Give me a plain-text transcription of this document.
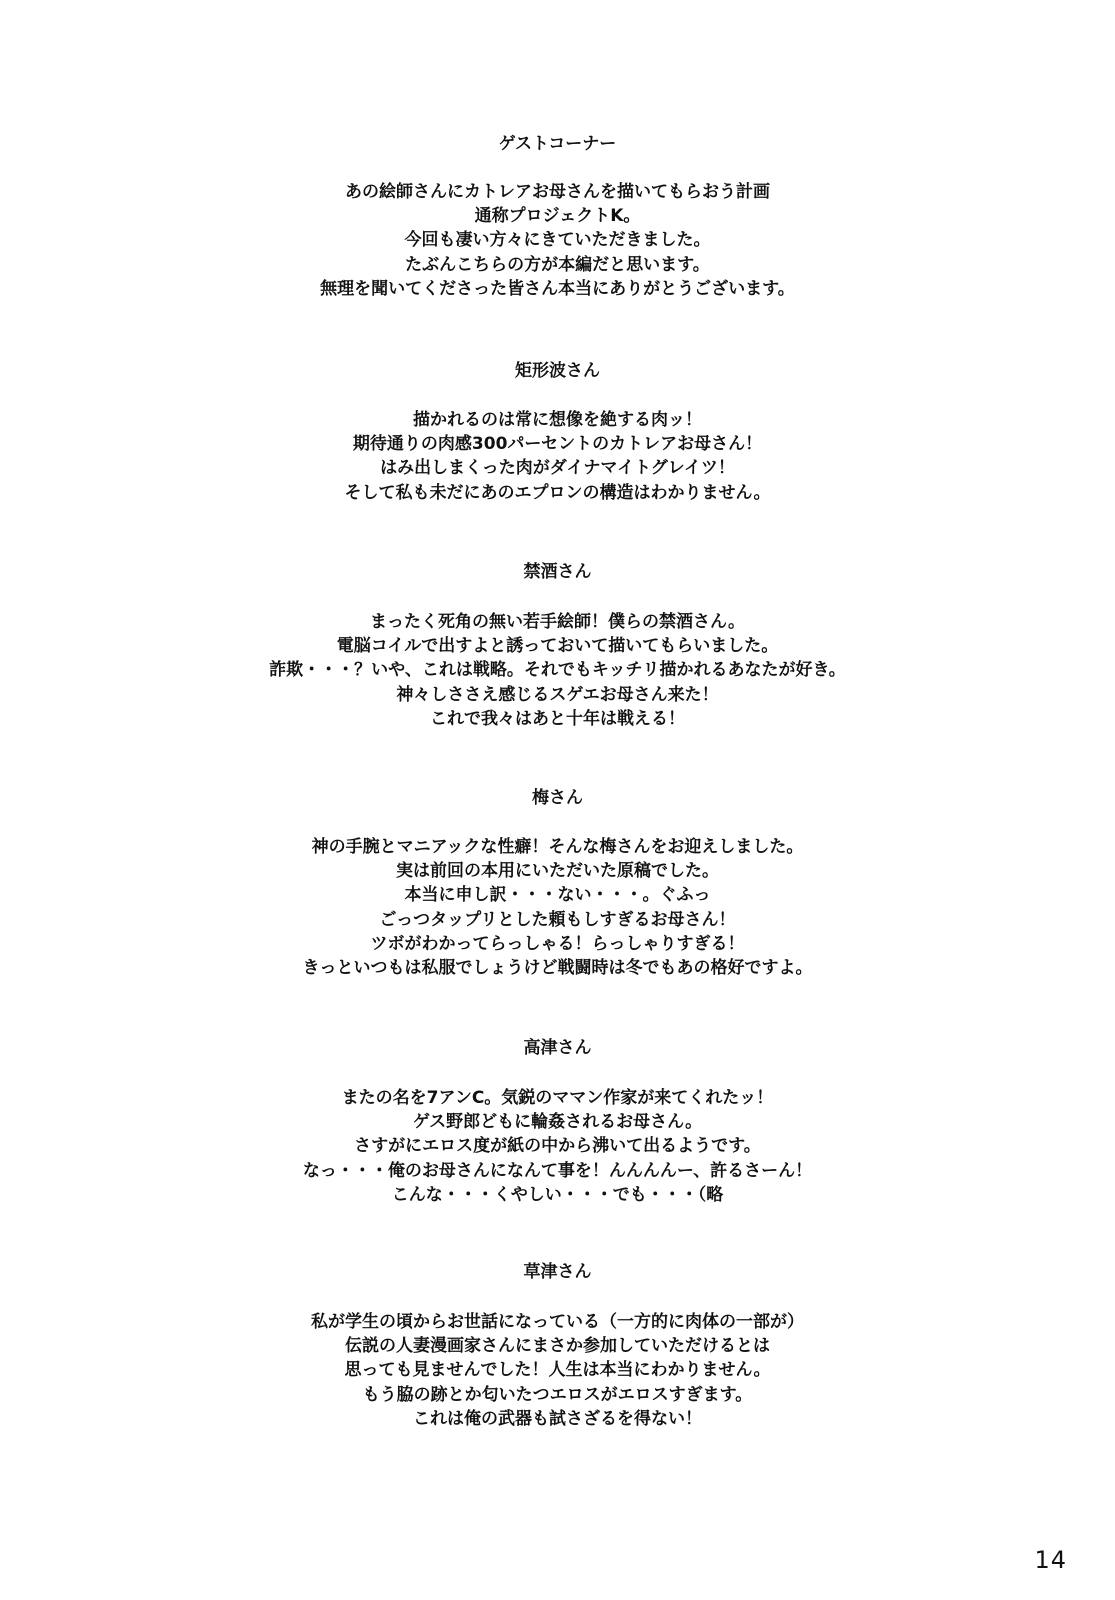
ゲストコーナー

あの絵師さんにカトレアお母さんを描いてもらおう計画

通称プロジェクトK。

今回も凄い方々にきていただきました。

たぶんこちらの方が本編だと思います。

無理を聞いてくださった皆さん本当にありがとうございます。

矩形波さん

描かれるのは常に想像を絶する肉ッ！

期待通りの肉感300パーセントのカトレアお母さん！

はみ出しまくった肉がダイナマイトグレイツ！

そして私も未だにあのエプロンの構造はわかりません。

禁酒さん

まったく死角の無い若手絵師！僕らの禁酒さん。

電脳コイルで出すよと誘っておいて描いてもらいました。

詐欺・・・？いや、これは戦略。それでもキッチリ描かれるあなたが好き。

神々しささえ感じるスゲエお母さん来た！

これで我々はあと十年は戦える！

梅さん

神の手腕とマニアックな性癖！そんな梅さんをお迎えしました。

実は前回の本用にいただいた原稿でした。

本当に申し訳・・・ない・・・。ぐふっ

ごっつタップリとした頼もしすぎるお母さん！

ツボがわかってらっしゃる！らっしゃりすぎる！

きっといつもは私服でしょうけど戦闘時は冬でもあの格好ですよ。

高津さん

またの名を7アンC。気鋭のママン作家が来てくれたッ！

ゲス野郎どもに輪姦されるお母さん。

さすがにエロス度が紙の中から沸いて出るようです。

なっ・・・俺のお母さんになんて事を！んんんんー、許るさーん！

こんな・・・くやしい・・・でも・・・（略

草津さん

私が学生の頃からお世話になっている（一方的に肉体の一部が）

伝説の人妻漫画家さんにまさか参加していただけるとは

思っても見ませんでした！人生は本当にわかりません。

もう脇の跡とか匂いたつエロスがエロスすぎます。

これは俺の武器も試さざるを得ない！

14
